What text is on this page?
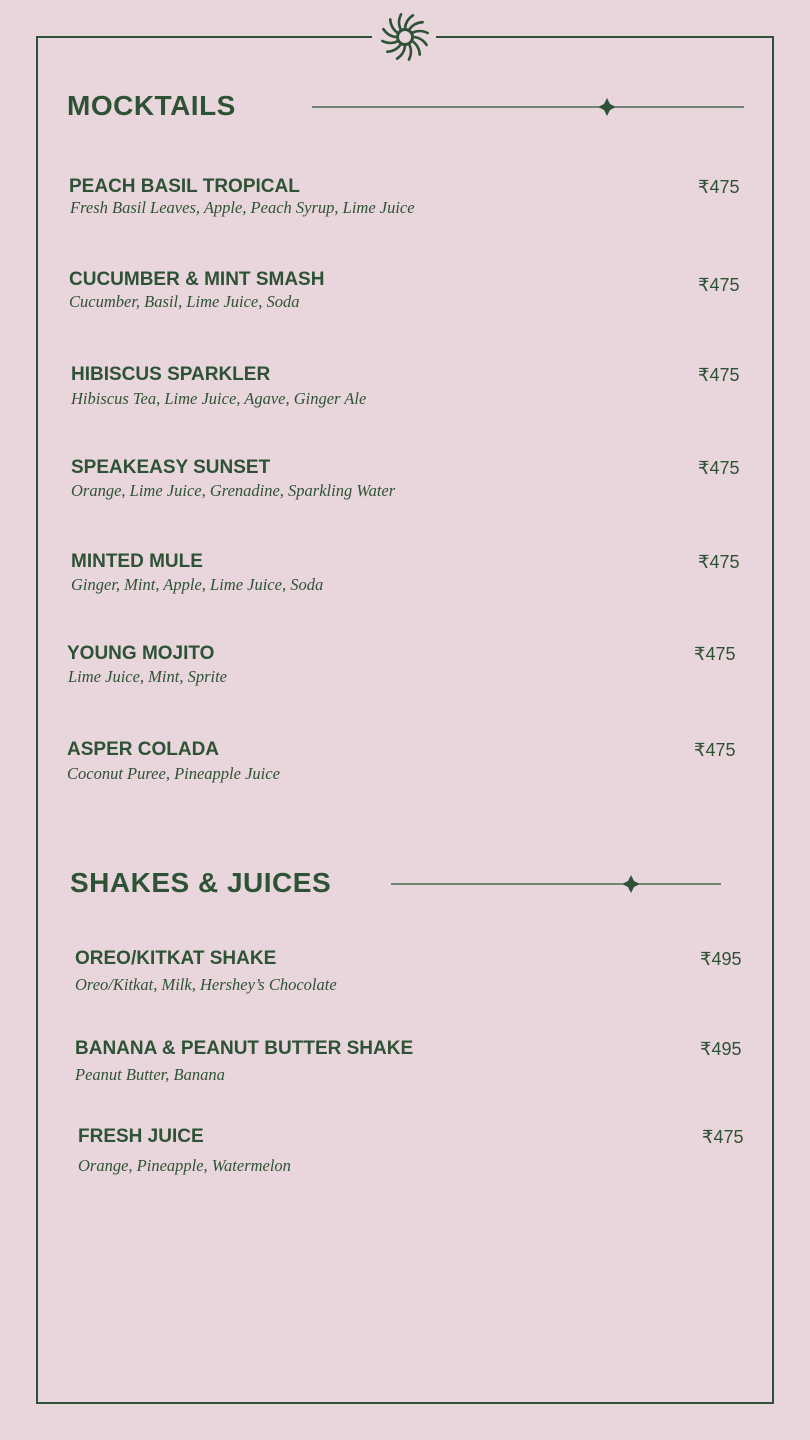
MOCKTAILS
PEACH BASIL TROPICAL
Fresh Basil Leaves, Apple, Peach Syrup, Lime Juice
₹475
CUCUMBER & MINT SMASH
Cucumber, Basil, Lime Juice, Soda
₹475
HIBISCUS SPARKLER
Hibiscus Tea, Lime Juice, Agave, Ginger Ale
₹475
SPEAKEASY SUNSET
Orange, Lime Juice, Grenadine, Sparkling Water
₹475
MINTED MULE
Ginger, Mint, Apple, Lime Juice, Soda
₹475
YOUNG MOJITO
Lime Juice, Mint, Sprite
₹475
ASPER COLADA
Coconut Puree, Pineapple Juice
₹475
SHAKES & JUICES
OREO/KITKAT SHAKE
Oreo/Kitkat, Milk, Hershey’s Chocolate
₹495
BANANA & PEANUT BUTTER SHAKE
Peanut Butter, Banana
₹495
FRESH JUICE
Orange, Pineapple, Watermelon
₹475
